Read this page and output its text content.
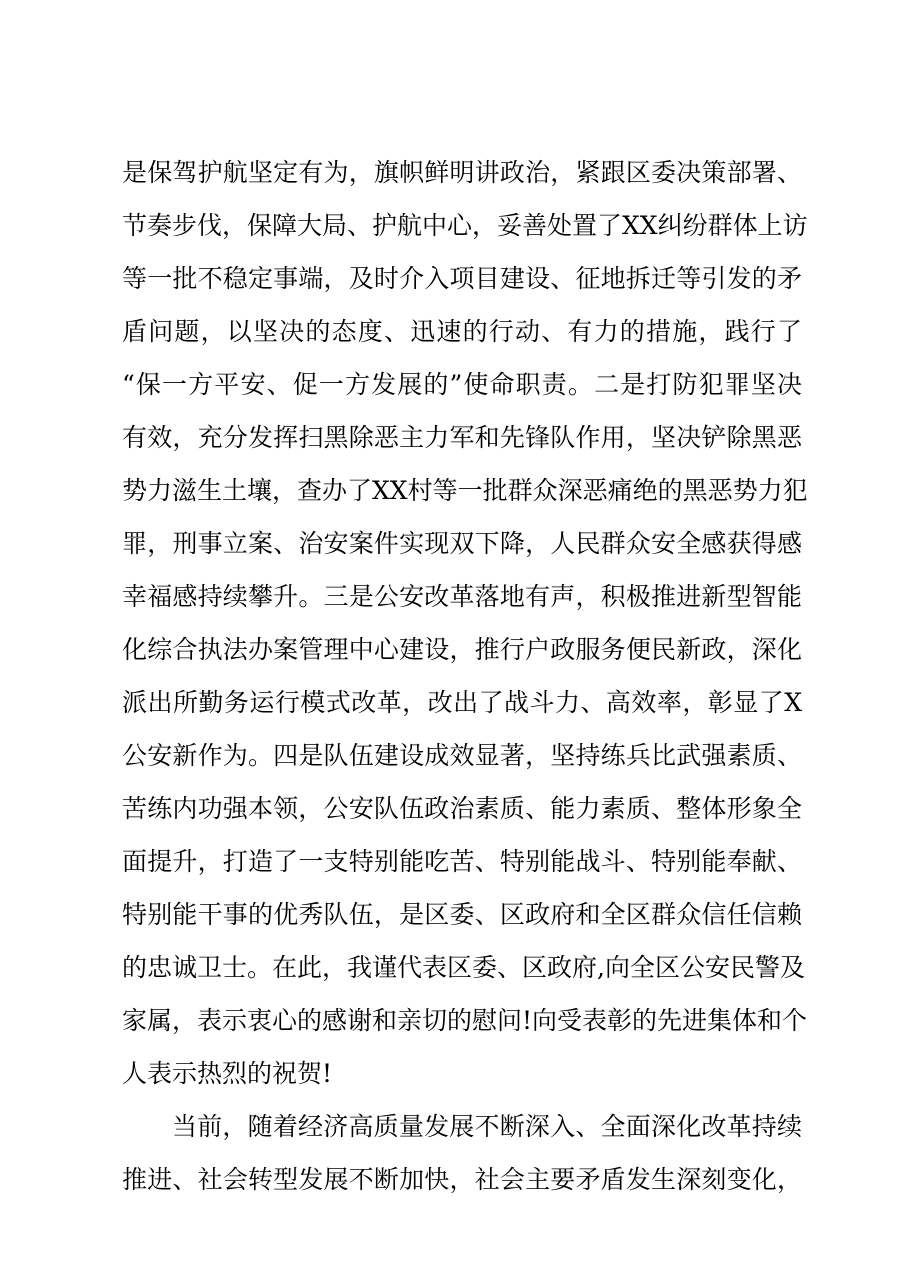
是保驾护航坚定有为，旗帜鲜明讲政治，紧跟区委决策部署、
节奏步伐，保障大局、护航中心，妥善处置了XX纠纷群体上访
等一批不稳定事端，及时介入项目建设、征地拆迁等引发的矛
盾问题，以坚决的态度、迅速的行动、有力的措施，践行了
“保一方平安、促一方发展的”使命职责。二是打防犯罪坚决
有效，充分发挥扫黑除恶主力军和先锋队作用，坚决铲除黑恶
势力滋生土壤，查办了XX村等一批群众深恶痛绝的黑恶势力犯
罪，刑事立案、治安案件实现双下降，人民群众安全感获得感
幸福感持续攀升。三是公安改革落地有声，积极推进新型智能
化综合执法办案管理中心建设，推行户政服务便民新政，深化
派出所勤务运行模式改革，改出了战斗力、高效率，彰显了X
公安新作为。四是队伍建设成效显著，坚持练兵比武强素质、
苦练内功强本领，公安队伍政治素质、能力素质、整体形象全
面提升，打造了一支特别能吃苦、特别能战斗、特别能奉献、
特别能干事的优秀队伍，是区委、区政府和全区群众信任信赖
的忠诚卫士。在此，我谨代表区委、区政府,向全区公安民警及
家属，表示衷心的感谢和亲切的慰问!向受表彰的先进集体和个
人表示热烈的祝贺!
当前，随着经济高质量发展不断深入、全面深化改革持续
推进、社会转型发展不断加快，社会主要矛盾发生深刻变化，
